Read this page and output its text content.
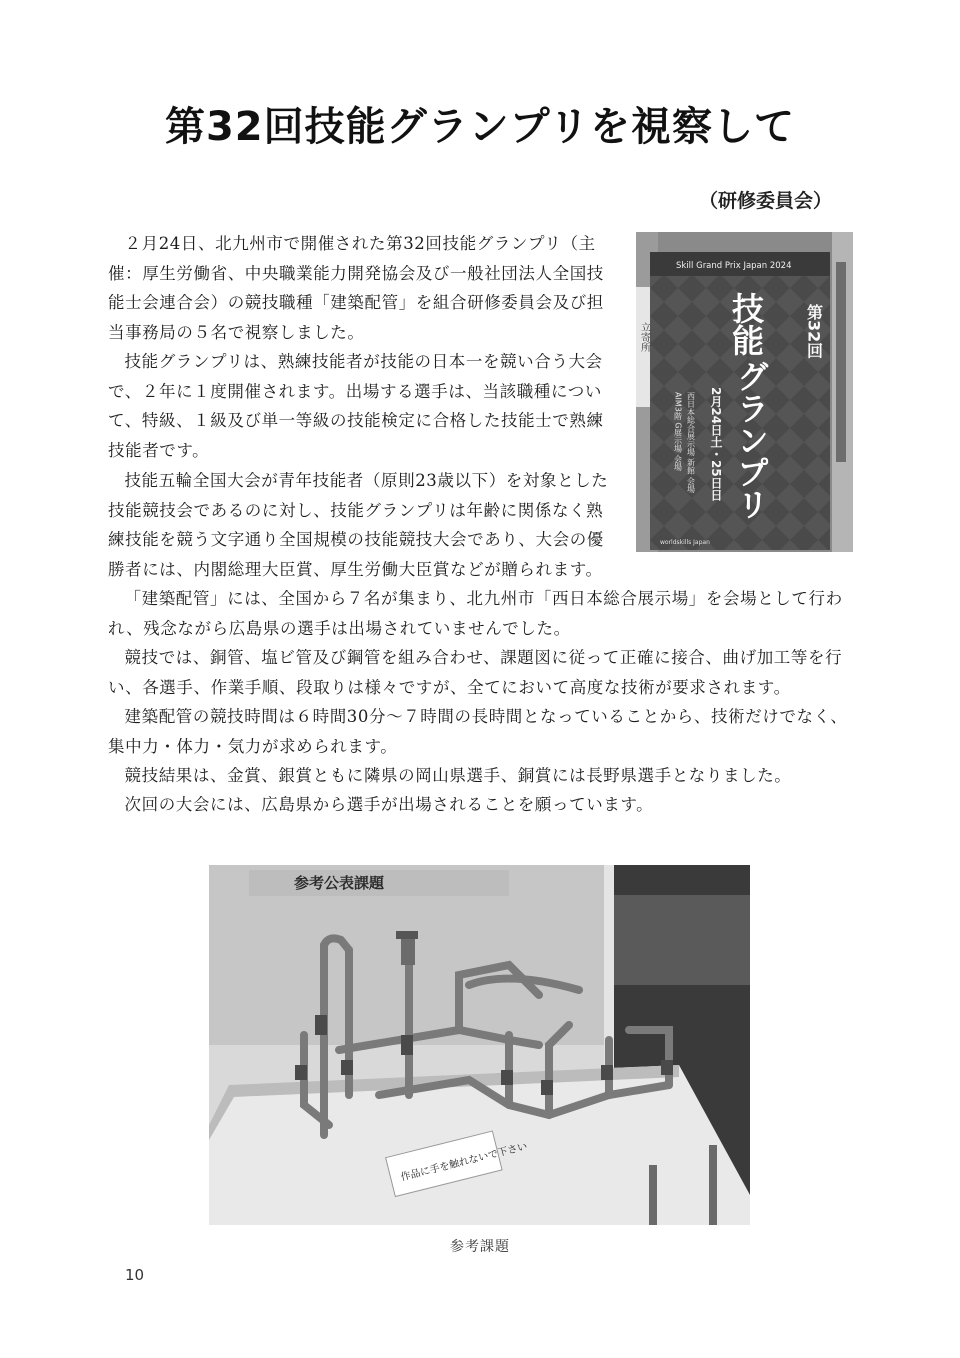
第32回技能グランプリを視察して
（研修委員会）

２月24日、北九州市で開催された第32回技能グランプリ（主催：厚生労働省、中央職業能力開発協会及び一般社団法人全国技能士会連合会）の競技職種「建築配管」を組合研修委員会及び担当事務局の５名で視察しました。

技能グランプリは、熟練技能者が技能の日本一を競い合う大会で、２年に１度開催されます。出場する選手は、当該職種について、特級、１級及び単一等級の技能検定に合格した技能士で熟練技能者です。

技能五輪全国大会が青年技能者（原則23歳以下）を対象とした技能競技会であるのに対し、技能グランプリは年齢に関係なく熟練技能を競う文字通り全国規模の技能競技大会であり、大会の優勝者には、内閣総理大臣賞、厚生労働大臣賞などが贈られます。

「建築配管」には、全国から７名が集まり、北九州市「西日本総合展示場」を会場として行われ、残念ながら広島県の選手は出場されていませんでした。

競技では、銅管、塩ビ管及び鋼管を組み合わせ、課題図に従って正確に接合、曲げ加工等を行い、各選手、作業手順、段取りは様々ですが、全てにおいて高度な技術が要求されます。

建築配管の競技時間は６時間30分～７時間の長時間となっていることから、技術だけでなく、集中力・体力・気力が求められます。

競技結果は、金賞、銀賞ともに隣県の岡山県選手、銅賞には長野県選手となりました。

次回の大会には、広島県から選手が出場されることを願っています。

Skill Grand Prix Japan 2024
第32回
技能
グランプリ
2月24日土・25日日
西日本総合展示場 新館 会場
AIM3階 G展示場 会場
立寄所
worldskills Japan
参考公表課題
作品に手を触れないで下さい
参考課題
10
